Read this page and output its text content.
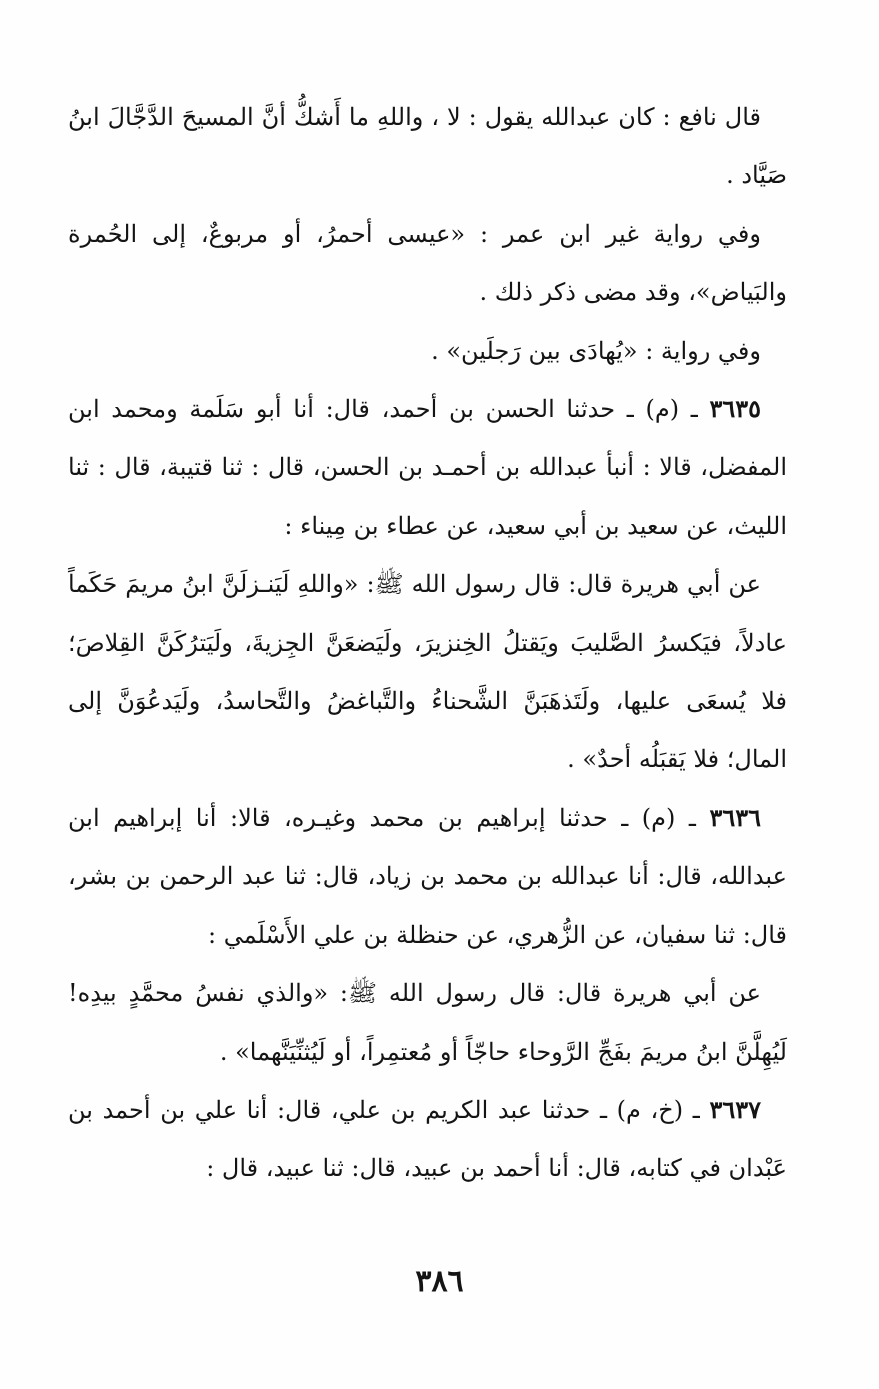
قال نافع : كان عبدالله يقول : لا ، واللهِ ما أَشكُّ أنَّ المسيحَ الدَّجَّالَ ابنُ صَيَّاد .

وفي رواية غير ابن عمر : «عيسى أحمرُ، أو مربوعٌ، إلى الحُمرة والبَياض»، وقد مضى ذكر ذلك .

وفي رواية : «يُهادَى بين رَجلَين» .

٣٦٣٥ ـ (م) ـ حدثنا الحسن بن أحمد، قال: أنا أبو سَلَمة ومحمد ابن المفضل، قالا : أنبأ عبدالله بن أحمـد بن الحسن، قال : ثنا قتيبة، قال : ثنا الليث، عن سعيد بن أبي سعيد، عن عطاء بن مِيناء :

عن أبي هريرة قال: قال رسول الله ﷺ: «واللهِ لَيَنـزلَنَّ ابنُ مريمَ حَكَماً عادلاً، فيَكسرُ الصَّليبَ ويَقتلُ الخِنزيرَ، ولَيَضعَنَّ الجِزيةَ، ولَيَترُكَنَّ القِلاصَ؛ فلا يُسعَى عليها، ولَتَذهَبَنَّ الشَّحناءُ والتَّباغضُ والتَّحاسدُ، ولَيَدعُوَنَّ إلى المال؛ فلا يَقبَلُه أحدٌ» .

٣٦٣٦ ـ (م) ـ حدثنا إبراهيم بن محمد وغيـره، قالا: أنا إبراهيم ابن عبدالله، قال: أنا عبدالله بن محمد بن زياد، قال: ثنا عبد الرحمن بن بشر، قال: ثنا سفيان، عن الزُّهري، عن حنظلة بن علي الأَسْلَمي :

عن أبي هريرة قال: قال رسول الله ﷺ: «والذي نفسُ محمَّدٍ بيدِه! لَيُهِلَّنَّ ابنُ مريمَ بفَجِّ الرَّوحاء حاجّاً أو مُعتمِراً، أو لَيُثنِّيَنَّهما» .

٣٦٣٧ ـ (خ، م) ـ حدثنا عبد الكريم بن علي، قال: أنا علي بن أحمد بن عَبْدان في كتابه، قال: أنا أحمد بن عبيد، قال: ثنا عبيد، قال :

٣٨٦
